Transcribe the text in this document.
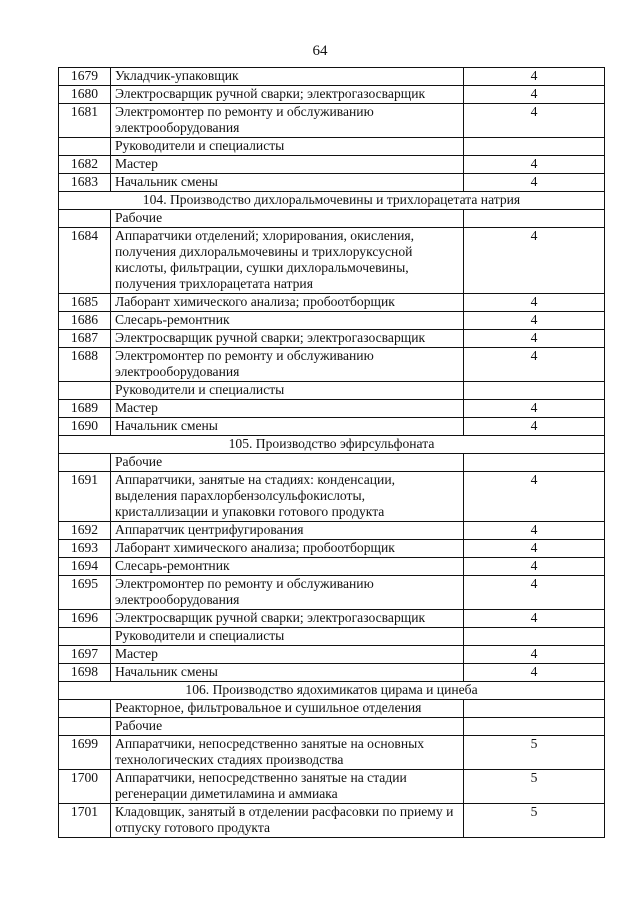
64
1679	Укладчик-упаковщик	4
1680	Электросварщик ручной сварки; электрогазосварщик	4
1681	Электромонтер по ремонту и обслуживанию электрооборудования	4
	Руководители и специалисты	
1682	Мастер	4
1683	Начальник смены	4
104. Производство дихлоральмочевины и трихлорацетата натрия		
	Рабочие	
1684	Аппаратчики отделений; хлорирования, окисления, получения дихлоральмочевины и трихлоруксусной кислоты, фильтрации, сушки дихлоральмочевины, получения трихлорацетата натрия	4
1685	Лаборант химического анализа; пробоотборщик	4
1686	Слесарь-ремонтник	4
1687	Электросварщик ручной сварки; электрогазосварщик	4
1688	Электромонтер по ремонту и обслуживанию электрооборудования	4
	Руководители и специалисты	
1689	Мастер	4
1690	Начальник смены	4
105. Производство эфирсульфоната		
	Рабочие	
1691	Аппаратчики, занятые на стадиях: конденсации, выделения парахлорбензолсульфокислоты, кристаллизации и упаковки готового продукта	4
1692	Аппаратчик центрифугирования	4
1693	Лаборант химического анализа; пробоотборщик	4
1694	Слесарь-ремонтник	4
1695	Электромонтер по ремонту и обслуживанию электрооборудования	4
1696	Электросварщик ручной сварки; электрогазосварщик	4
	Руководители и специалисты	
1697	Мастер	4
1698	Начальник смены	4
106. Производство ядохимикатов цирама и цинеба		
	Реакторное, фильтровальное и сушильное отделения	
	Рабочие	
1699	Аппаратчики, непосредственно занятые на основных технологических стадиях производства	5
1700	Аппаратчики, непосредственно занятые на стадии регенерации диметиламина и аммиака	5
1701	Кладовщик, занятый в отделении расфасовки по приему и отпуску готового продукта	5
